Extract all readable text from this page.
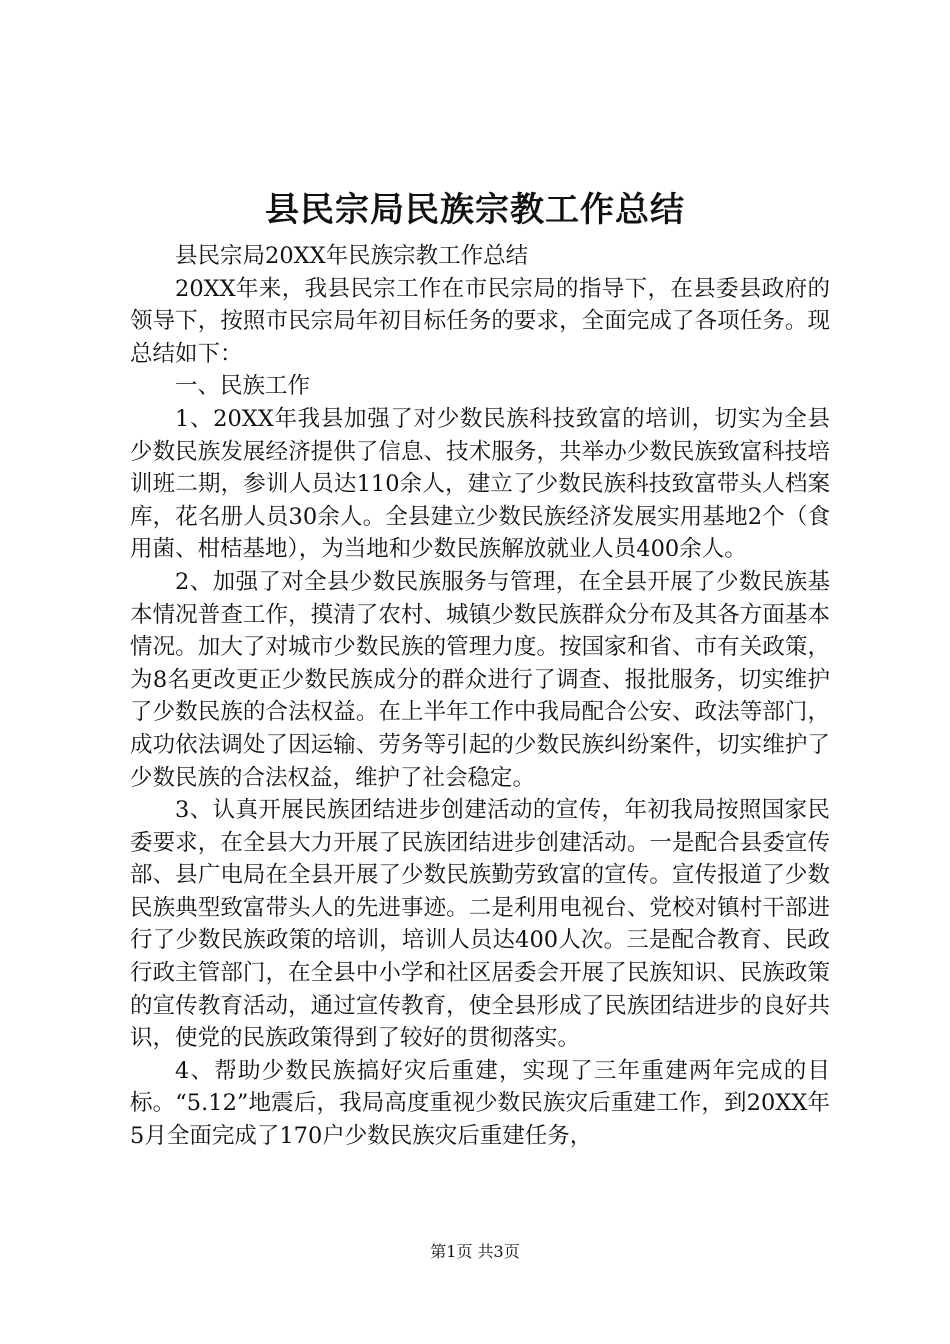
县民宗局民族宗教工作总结

县民宗局20XX年民族宗教工作总结

20XX年来，我县民宗工作在市民宗局的指导下，在县委县政府的领导下，按照市民宗局年初目标任务的要求，全面完成了各项任务。现总结如下：

一、民族工作

1、20XX年我县加强了对少数民族科技致富的培训，切实为全县少数民族发展经济提供了信息、技术服务，共举办少数民族致富科技培训班二期，参训人员达110余人，建立了少数民族科技致富带头人档案库，花名册人员30余人。全县建立少数民族经济发展实用基地2个（食用菌、柑桔基地），为当地和少数民族解放就业人员400余人。

2、加强了对全县少数民族服务与管理，在全县开展了少数民族基本情况普查工作，摸清了农村、城镇少数民族群众分布及其各方面基本情况。加大了对城市少数民族的管理力度。按国家和省、市有关政策，为8名更改更正少数民族成分的群众进行了调查、报批服务，切实维护了少数民族的合法权益。在上半年工作中我局配合公安、政法等部门，成功依法调处了因运输、劳务等引起的少数民族纠纷案件，切实维护了少数民族的合法权益，维护了社会稳定。

3、认真开展民族团结进步创建活动的宣传，年初我局按照国家民委要求，在全县大力开展了民族团结进步创建活动。一是配合县委宣传部、县广电局在全县开展了少数民族勤劳致富的宣传。宣传报道了少数民族典型致富带头人的先进事迹。二是利用电视台、党校对镇村干部进行了少数民族政策的培训，培训人员达400人次。三是配合教育、民政行政主管部门，在全县中小学和社区居委会开展了民族知识、民族政策的宣传教育活动，通过宣传教育，使全县形成了民族团结进步的良好共识，使党的民族政策得到了较好的贯彻落实。

4、帮助少数民族搞好灾后重建，实现了三年重建两年完成的目标。“5.12”地震后，我局高度重视少数民族灾后重建工作，到20XX年5月全面完成了170户少数民族灾后重建任务，

第1页 共3页
